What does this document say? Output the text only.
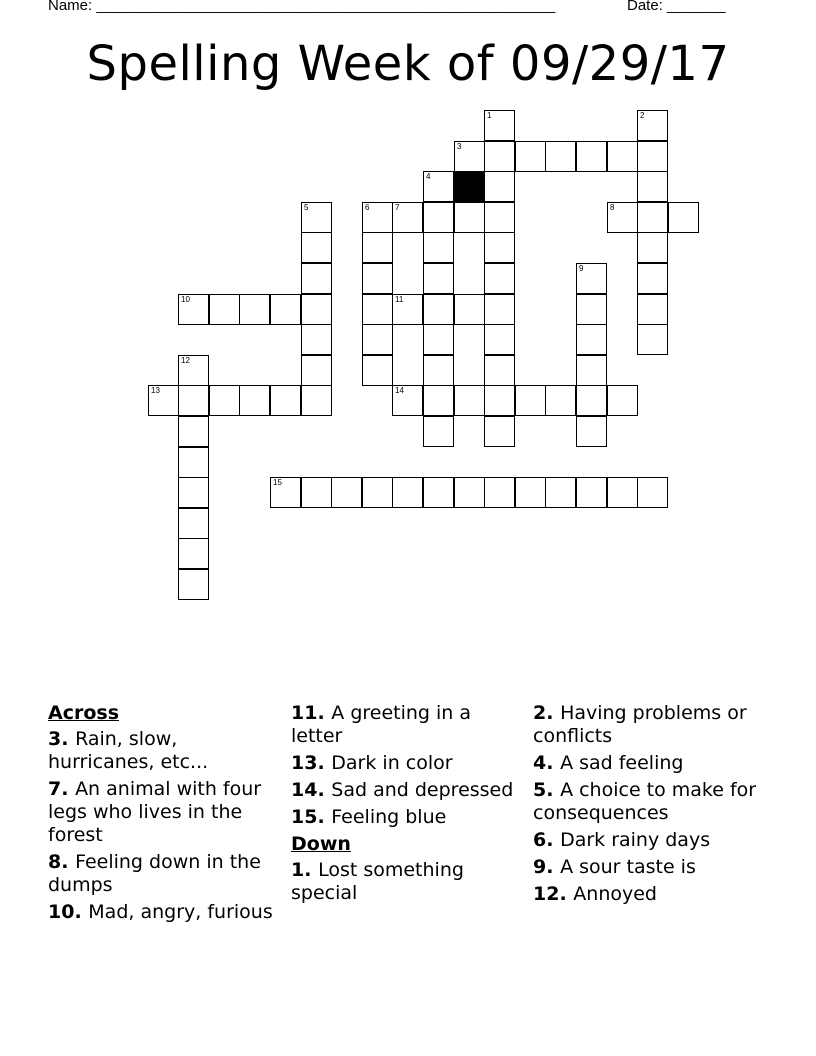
Name: _______________________________________________________	Date: _______
Spelling Week of 09/29/17
1	2
3
4
5	6	7	8
9
10	11
12
13	14
15
Across
3. Rain, slow, hurricanes, etc...
7. An animal with four legs who lives in the forest
8. Feeling down in the dumps
10. Mad, angry, furious
11. A greeting in a letter
13. Dark in color
14. Sad and depressed
15. Feeling blue
Down
1. Lost something special
2. Having problems or conflicts
4. A sad feeling
5. A choice to make for consequences
6. Dark rainy days
9. A sour taste is
12. Annoyed
